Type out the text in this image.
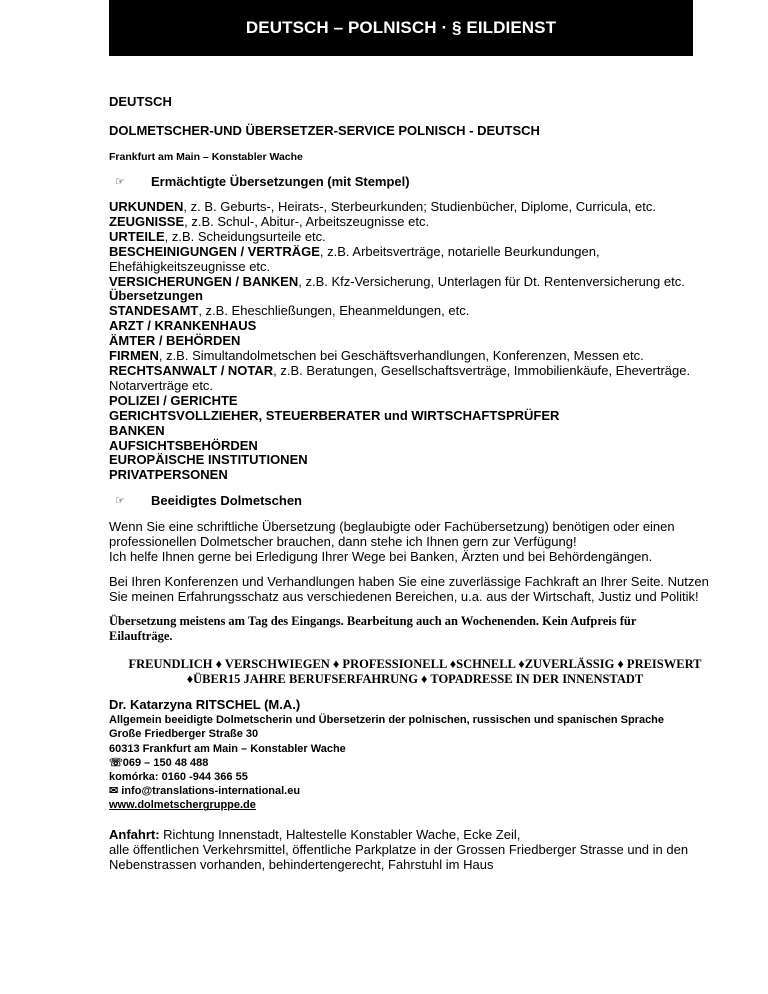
DEUTSCH – POLNISCH · § EILDIENST
DEUTSCH
DOLMETSCHER-UND ÜBERSETZER-SERVICE POLNISCH - DEUTSCH
Frankfurt am Main – Konstabler Wache
☞	Ermächtigte Übersetzungen (mit Stempel)

URKUNDEN, z. B. Geburts-, Heirats-, Sterbeurkunden; Studienbücher, Diplome, Curricula, etc.

ZEUGNISSE, z.B. Schul-, Abitur-, Arbeitszeugnisse etc.

URTEILE, z.B. Scheidungsurteile etc.

BESCHEINIGUNGEN / VERTRÄGE, z.B. Arbeitsverträge, notarielle Beurkundungen,

Ehefähigkeitszeugnisse etc.

VERSICHERUNGEN / BANKEN, z.B. Kfz-Versicherung, Unterlagen für Dt. Rentenversicherung etc.

Übersetzungen

STANDESAMT, z.B. Eheschließungen, Eheanmeldungen, etc.

ARZT / KRANKENHAUS

ÄMTER / BEHÖRDEN

FIRMEN, z.B. Simultandolmetschen bei Geschäftsverhandlungen, Konferenzen, Messen etc.

RECHTSANWALT / NOTAR, z.B. Beratungen, Gesellschaftsverträge, Immobilienkäufe, Eheverträge.

Notarverträge etc.

POLIZEI / GERICHTE

GERICHTSVOLLZIEHER, STEUERBERATER und WIRTSCHAFTSPRÜFER

BANKEN

AUFSICHTSBEHÖRDEN

EUROPÄISCHE INSTITUTIONEN

PRIVATPERSONEN

☞	Beeidigtes Dolmetschen

Wenn Sie eine schriftliche Übersetzung (beglaubigte oder Fachübersetzung) benötigen oder einen

professionellen Dolmetscher brauchen, dann stehe ich Ihnen gern zur Verfügung!

Ich helfe Ihnen gerne bei Erledigung Ihrer Wege bei Banken, Ärzten und bei Behördengängen.

Bei Ihren Konferenzen und Verhandlungen haben Sie eine zuverlässige Fachkraft an Ihrer Seite. Nutzen

Sie meinen Erfahrungsschatz aus verschiedenen Bereichen, u.a. aus der Wirtschaft, Justiz und Politik!

Übersetzung meistens am Tag des Eingangs. Bearbeitung auch an Wochenenden. Kein Aufpreis für
Eilaufträge.
FREUNDLICH ♦ VERSCHWIEGEN ♦ PROFESSIONELL ♦SCHNELL ♦ZUVERLÄSSIG ♦ PREISWERT
♦ÜBER15 JAHRE BERUFSERFAHRUNG ♦ TOPADRESSE IN DER INNENSTADT

Dr. Katarzyna RITSCHEL (M.A.)

Allgemein beeidigte Dolmetscherin und Übersetzerin der polnischen, russischen und spanischen Sprache

Große Friedberger Straße 30

60313 Frankfurt am Main – Konstabler Wache

☏069 – 150 48 488

komórka: 0160 -944 366 55

✉ info@translations-international.eu

www.dolmetschergruppe.de

Anfahrt: Richtung Innenstadt, Haltestelle Konstabler Wache, Ecke Zeil,
alle öffentlichen Verkehrsmittel, öffentliche Parkplatze in der Grossen Friedberger Strasse und in den
Nebenstrassen vorhanden, behindertengerecht, Fahrstuhl im Haus
